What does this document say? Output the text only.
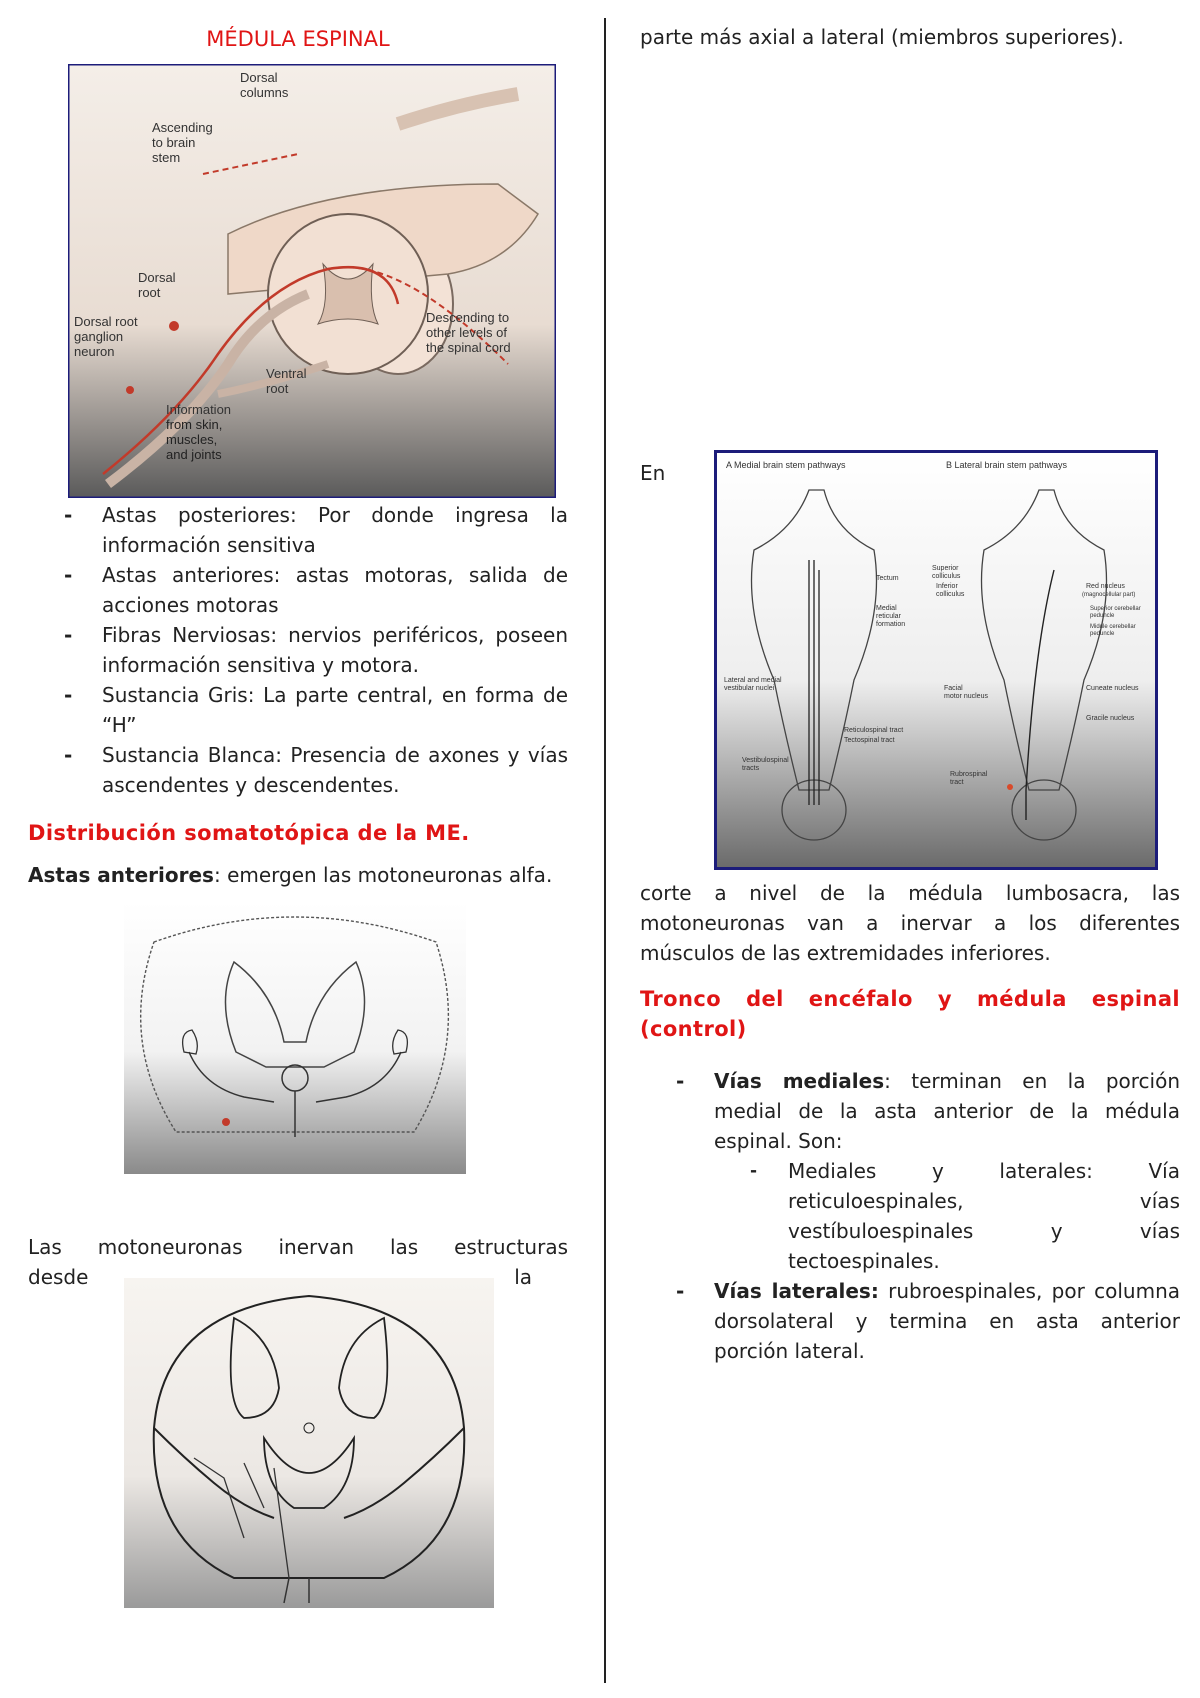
MÉDULA ESPINAL
Dorsal
columns
Ascending
to brain
stem
Dorsal
root
Dorsal root
ganglion
neuron
Descending to
other levels of
the spinal cord
Ventral
root
Information
from skin,
muscles,
and joints
- Astas posteriores: Por donde ingresa la información sensitiva
- Astas anteriores: astas motoras, salida de acciones motoras
- Fibras Nerviosas: nervios periféricos, poseen información sensitiva y motora.
- Sustancia Gris: La parte central, en forma de “H”
- Sustancia Blanca: Presencia de axones y vías ascendentes y descendentes.
Distribución somatotópica de la ME.

Astas anteriores: emergen las motoneuronas alfa.

Las motoneuronas inervan las estructuras
desde	la

parte más axial a lateral (miembros superiores).

En	A Medial brain stem pathways	B Lateral brain stem pathways
Tectum
Medial
reticular
formation
Lateral and medial
vestibular nuclei
Reticulospinal tract
Tectospinal tract
Vestibulospinal
tracts
Superior
colliculus
Inferior
colliculus
Red nucleus
(magnocellular part)
Superior cerebellar
peduncle
Middle cerebellar
peduncle
Facial
motor nucleus
Cuneate nucleus
Gracile nucleus
Rubrospinal
tract

corte a nivel de la médula lumbosacra, las motoneuronas van a inervar a los diferentes músculos de las extremidades inferiores.

Tronco del encéfalo y médula espinal (control)
- Vías mediales: terminan en la porción medial de la asta anterior de la médula espinal. Son:
- Mediales y laterales: Vía reticuloespinales, vías vestíbuloespinales y vías tectoespinales.
- Vías laterales: rubroespinales, por columna dorsolateral y termina en asta anterior porción lateral.
